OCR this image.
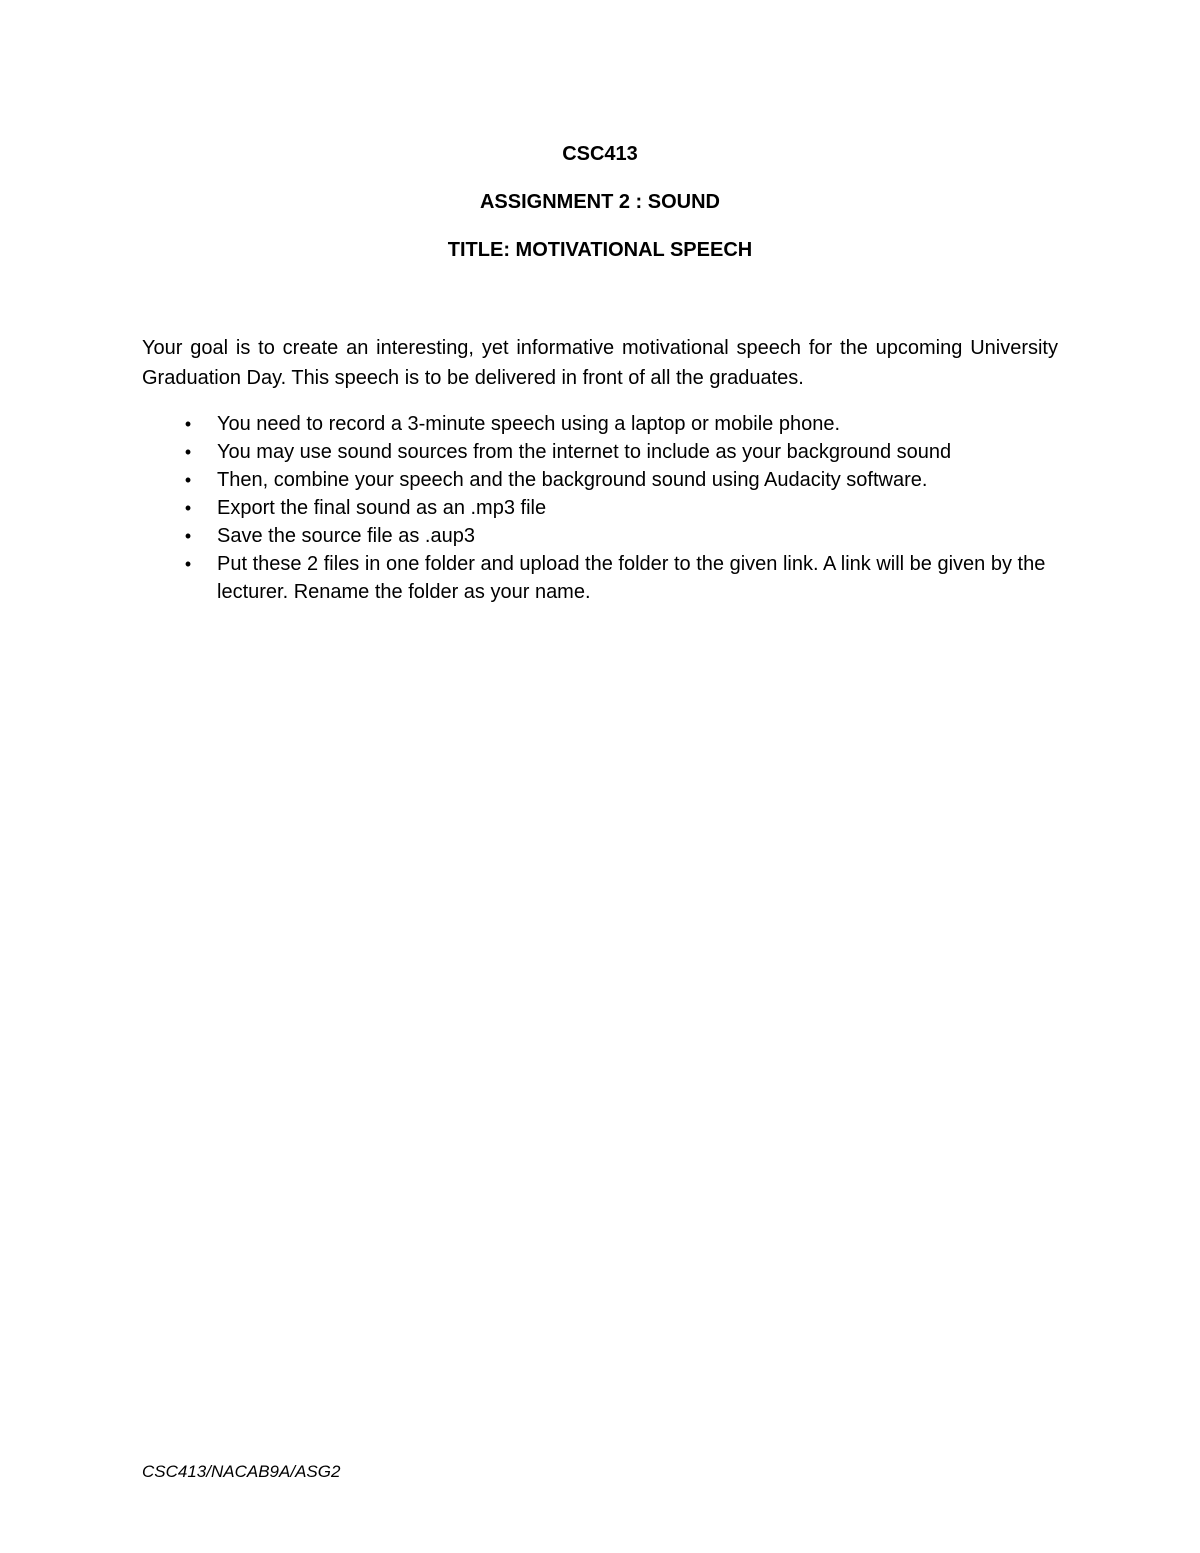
CSC413

ASSIGNMENT 2 : SOUND

TITLE: MOTIVATIONAL SPEECH

Your goal is to create an interesting, yet informative motivational speech for the upcoming University Graduation Day. This speech is to be delivered in front of all the graduates.

• You need to record a 3-minute speech using a laptop or mobile phone.
• You may use sound sources from the internet to include as your background sound
• Then, combine your speech and the background sound using Audacity software.
• Export the final sound as an .mp3 file
• Save the source file as .aup3
• Put these 2 files in one folder and upload the folder to the given link. A link will be given by the lecturer. Rename the folder as your name.

CSC413/NACAB9A/ASG2
